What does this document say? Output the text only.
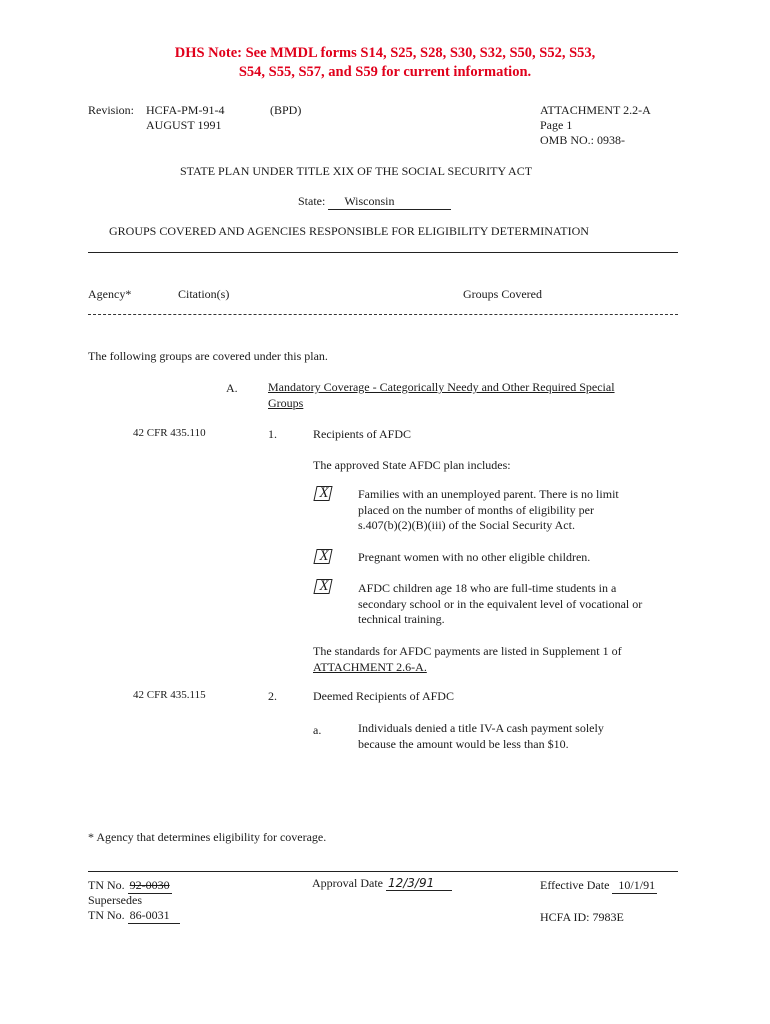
DHS Note: See MMDL forms S14, S25, S28, S30, S32, S50, S52, S53,
S54, S55, S57, and S59 for current information.
Revision: HCFA-PM-91-4
AUGUST 1991
(BPD)	ATTACHMENT 2.2-A
Page 1
OMB NO.: 0938-
STATE PLAN UNDER TITLE XIX OF THE SOCIAL SECURITY ACT
State: Wisconsin
GROUPS COVERED AND AGENCIES RESPONSIBLE FOR ELIGIBILITY DETERMINATION
Agency*	Citation(s)	Groups Covered
The following groups are covered under this plan.
A.	Mandatory Coverage - Categorically Needy and Other Required Special
Groups
42 CFR 435.110	1.	Recipients of AFDC
The approved State AFDC plan includes:
X	Families with an unemployed parent. There is no limit
placed on the number of months of eligibility per
s.407(b)(2)(B)(iii) of the Social Security Act.
X	Pregnant women with no other eligible children.
X	AFDC children age 18 who are full-time students in a
secondary school or in the equivalent level of vocational or
technical training.
The standards for AFDC payments are listed in Supplement 1 of
ATTACHMENT 2.6-A.
42 CFR 435.115	2.	Deemed Recipients of AFDC
a.	Individuals denied a title IV-A cash payment solely
because the amount would be less than $10.
* Agency that determines eligibility for coverage.
TN No. 92-0030
Supersedes
TN No. 86-0031
Approval Date 12/3/91	Effective Date 10/1/91
HCFA ID: 7983E
